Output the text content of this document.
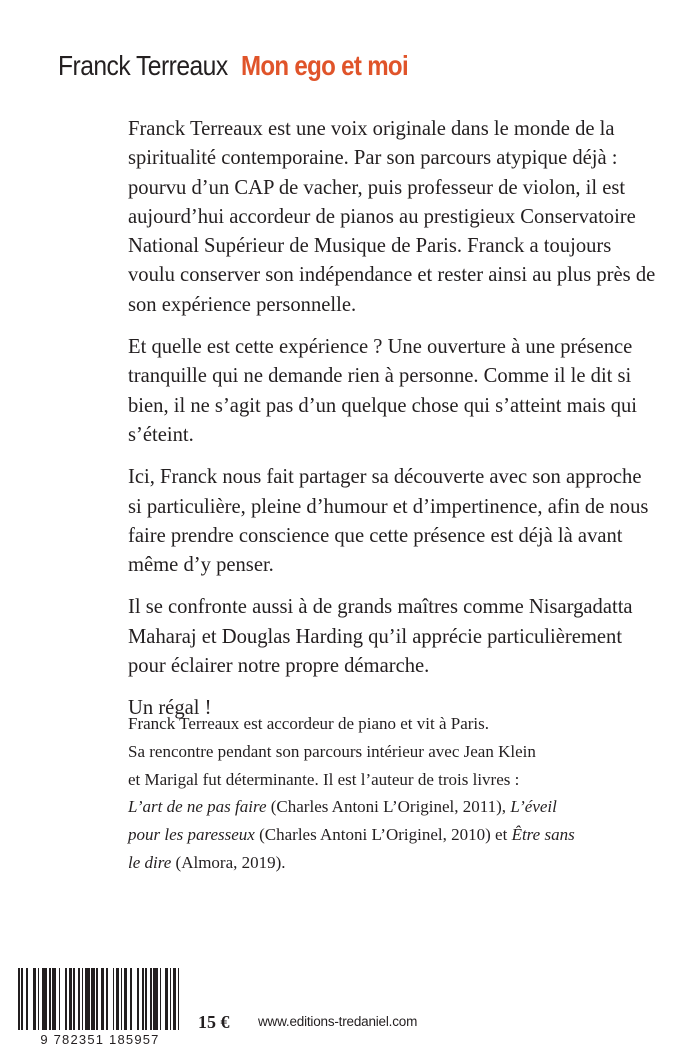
Franck Terreaux Mon ego et moi

Franck Terreaux est une voix originale dans le monde de la spiritualité contemporaine. Par son parcours atypique déjà : pourvu d’un CAP de vacher, puis professeur de violon, il est aujourd’hui accordeur de pianos au prestigieux Conservatoire National Supérieur de Musique de Paris. Franck a toujours voulu conserver son indépendance et rester ainsi au plus près de son expérience personnelle.

Et quelle est cette expérience ? Une ouverture à une présence tranquille qui ne demande rien à personne. Comme il le dit si bien, il ne s’agit pas d’un quelque chose qui s’atteint mais qui s’éteint.

Ici, Franck nous fait partager sa découverte avec son approche si particulière, pleine d’humour et d’impertinence, afin de nous faire prendre conscience que cette présence est déjà là avant même d’y penser.

Il se confronte aussi à de grands maîtres comme Nisargadatta Maharaj et Douglas Harding qu’il apprécie particulièrement pour éclairer notre propre démarche.

Un régal !

Franck Terreaux est accordeur de piano et vit à Paris.

Sa rencontre pendant son parcours intérieur avec Jean Klein

et Marigal fut déterminante. Il est l’auteur de trois livres :

L’art de ne pas faire (Charles Antoni L’Originel, 2011), L’éveil

pour les paresseux (Charles Antoni L’Originel, 2010) et Être sans

le dire (Almora, 2019).

9 782351 185957
15 € www.editions-tredaniel.com
